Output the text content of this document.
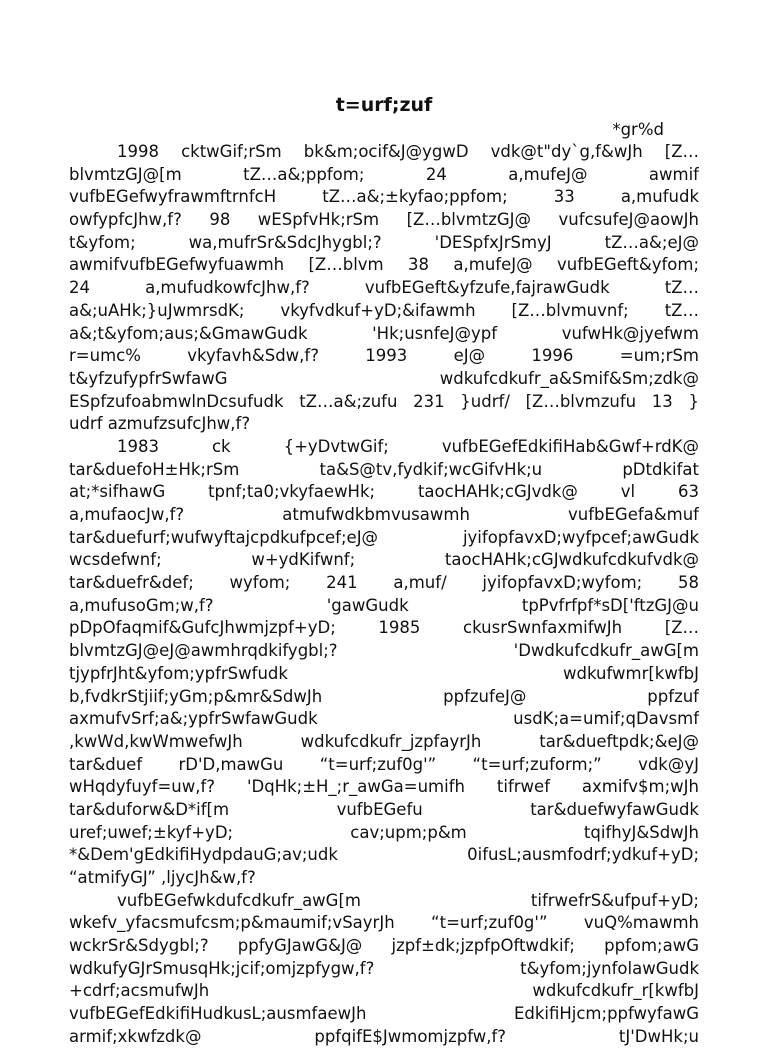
t=urf;zuf
*gr%d
1998 cktwGif;rSm bk&m;ocif&J@ygwD vdk@t"dy`g,f&wJh [Z…
blvmtzGJ@[m tZ…a&;ppfom; 24 a,mufeJ@ awmif
vufbEGefwyfrawmftrnfcH tZ…a&;±kyfao;ppfom; 33 a,mufudk
owfypfcJhw,f? 98 wESpfvHk;rSm [Z…blvmtzGJ@ vufcsufeJ@aowJh
t&yfom; wa,mufrSr&SdcJhygbl;? 'DESpfxJrSmyJ tZ…a&;eJ@
awmifvufbEGefwyfuawmh [Z…blvm 38 a,mufeJ@ vufbEGeft&yfom;
24 a,mufudkowfcJhw,f? vufbEGeft&yfzufe,fajrawGudk tZ…
a&;uAHk;}uJwmrsdK; vkyfvdkuf+yD;&ifawmh [Z…blvmuvnf; tZ…
a&;t&yfom;aus;&GmawGudk 'Hk;usnfeJ@ypf vufwHk@jyefwm
r=umc% vkyfavh&Sdw,f? 1993 eJ@ 1996 =um;rSm
t&yfzufypfrSwfawG wdkufcdkufr_a&Smif&Sm;zdk@
ESpfzufoabmwlnDcsufudk tZ…a&;zufu 231 }udrf/ [Z…blvmzufu 13 }
udrf azmufzsufcJhw,f?
1983 ck {+yDvtwGif; vufbEGefEdkifiHab&Gwf+rdK@
tar&duefoH±Hk;rSm ta&S@tv,fydkif;wcGifvHk;u pDtdkifat
at;*sifhawG tpnf;ta0;vkyfaewHk; taocHAHk;cGJvdk@ vl 63
a,mufaocJw,f? atmufwdkbmvusawmh vufbEGefa&muf
tar&duefurf;wufwyftajcpdkufpcef;eJ@ jyifopfavxD;wyfpcef;awGudk
wcsdefwnf; w+ydKifwnf; taocHAHk;cGJwdkufcdkufvdk@
tar&duefr&def; wyfom; 241 a,muf/ jyifopfavxD;wyfom; 58
a,mufusoGm;w,f? 'gawGudk tpPvfrfpf*sD['ftzGJ@u
pDpOfaqmif&GufcJhwmjzpf+yD; 1985 ckusrSwnfaxmifwJh [Z…
blvmtzGJ@eJ@awmhrqdkifygbl;? 'Dwdkufcdkufr_awG[m
tjypfrJht&yfom;ypfrSwfudk wdkufwmr[kwfbJ
b,fvdkrStjiif;yGm;p&mr&SdwJh ppfzufeJ@ ppfzuf
axmufvSrf;a&;ypfrSwfawGudk usdK;a=umif;qDavsmf
,kwWd,kwWmwefwJh wdkufcdkufr_jzpfayrJh tar&dueftpdk;&eJ@
tar&duef rD'D,mawGu “t=urf;zuf0g'” “t=urf;zuform;” vdk@yJ
wHqdyfuyf=uw,f? 'DqHk;±H_;r_awGa=umifh tifrwef axmifv$m;wJh
tar&duforw&D*if[m vufbEGefu tar&duefwyfawGudk
uref;uwef;±kyf+yD; cav;upm;p&m tqifhyJ&SdwJh
*&Dem'gEdkifiHydpdauG;av;udk 0ifusL;ausmfodrf;ydkuf+yD;
“atmifyGJ” ,ljycJh&w,f?
vufbEGefwkdufcdkufr_awG[m tifrwefrS&ufpuf+yD;
wkefv_yfacsmufcsm;p&maumif;vSayrJh “t=urf;zuf0g'” vuQ%mawmh
wckrSr&Sdygbl;? ppfyGJawG&J@ jzpf±dk;jzpfpOftwdkif; ppfom;awG
wdkufyGJrSmusqHk;jcif;omjzpfygw,f? t&yfom;jynfolawGudk
+cdrf;acsmufwJh wdkufcdkufr_r[kwfbJ
vufbEGefEdkifiHudkusL;ausmfaewJh EdkifiHjcm;ppfwyfawG
armif;xkwfzdk@ ppfqifE$Jwmomjzpfw,f? tJ'DwHk;u
